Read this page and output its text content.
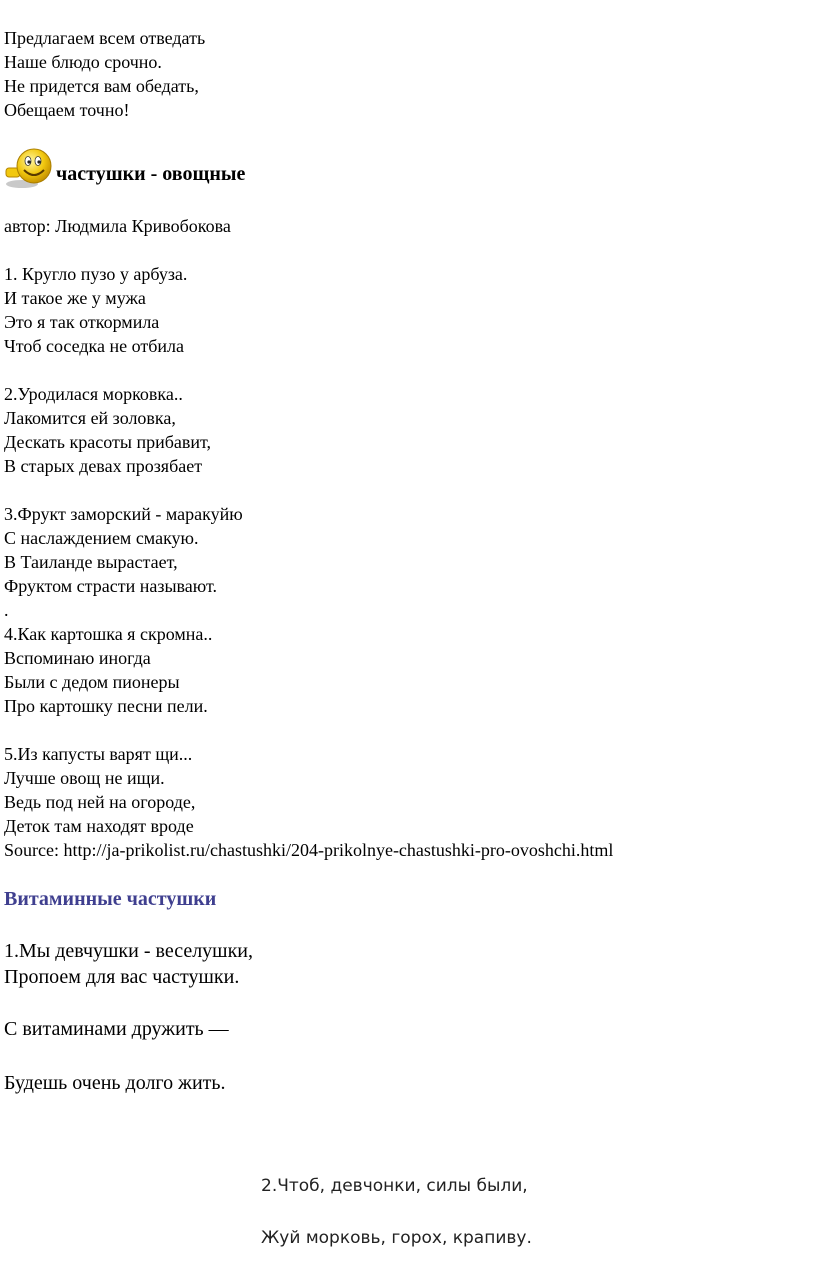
Предлагаем всем отведать
Наше блюдо срочно.
Не придется вам обедать,
Обещаем точно!
частушки - овощные
автор: Людмила Кривобокова
1. Кругло пузо у арбуза.
И такое же у мужа
Это я так откормила
Чтоб соседка не отбила
2.Уродилася морковка..
Лакомится ей золовка,
Дескать красоты прибавит,
В старых девах прозябает
3.Фрукт заморский - маракуйю
С наслаждением смакую.
В Таиланде вырастает,
Фруктом страсти называют.
.
4.Как картошка я скромна..
Вспоминаю иногда
Были с дедом пионеры
Про картошку песни пели.
5.Из капусты варят щи...
Лучше овощ не ищи.
Ведь под ней на огороде,
Деток там находят вроде
Source: http://ja-prikolist.ru/chastushki/204-prikolnye-chastushki-pro-ovoshchi.html
Витаминные частушки
1.Мы девчушки - веселушки,
Пропоем для вас частушки.
С витаминами дружить —
Будешь очень долго жить.
2.Чтоб, девчонки, силы были,
Жуй морковь, горох, крапиву.
